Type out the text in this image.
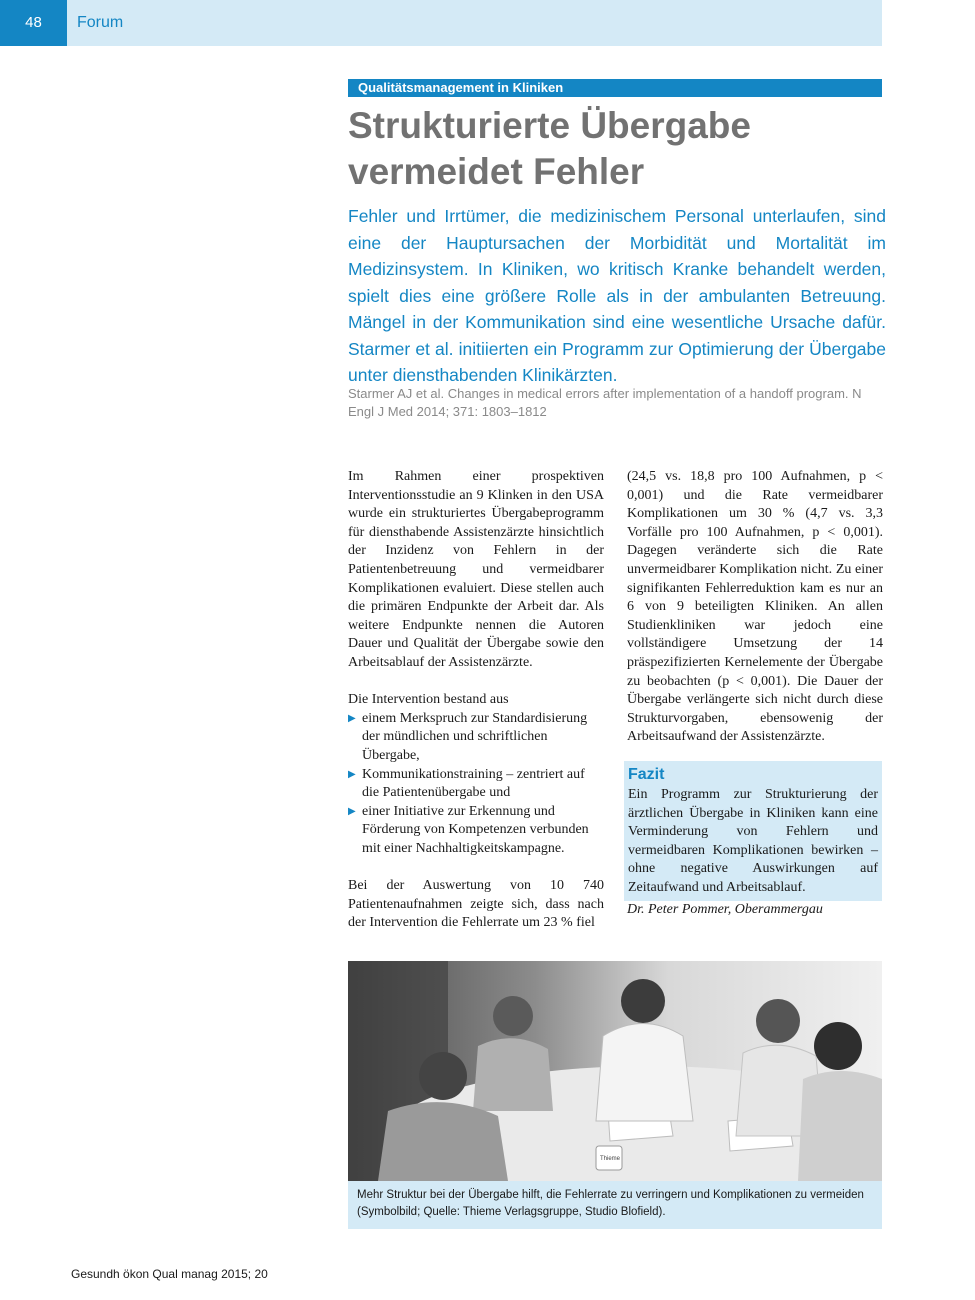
48	Forum
Qualitätsmanagement in Kliniken
Strukturierte Übergabe vermeidet Fehler

Fehler und Irrtümer, die medizinischem Personal unterlaufen, sind eine der Hauptursachen der Morbidität und Mortalität im Medizinsystem. In Kliniken, wo kritisch Kranke behandelt werden, spielt dies eine größere Rolle als in der ambulanten Betreuung. Mängel in der Kommunikation sind eine wesentliche Ursache dafür. Starmer et al. initiierten ein Programm zur Optimierung der Übergabe unter diensthabenden Klinikärzten.

Starmer AJ et al. Changes in medical errors after implementation of a handoff program. N Engl J Med 2014; 371: 1803–1812

Im Rahmen einer prospektiven Interventionsstudie an 9 Klinken in den USA wurde ein strukturiertes Übergabeprogramm für diensthabende Assistenzärzte hinsichtlich der Inzidenz von Fehlern in der Patientenbetreuung und vermeidbarer Komplikationen evaluiert. Diese stellen auch die primären Endpunkte der Arbeit dar. Als weitere Endpunkte nennen die Autoren Dauer und Qualität der Übergabe sowie den Arbeitsablauf der Assistenzärzte.

Die Intervention bestand aus

▶ einem Merkspruch zur Standardisierung der mündlichen und schriftlichen Übergabe,
▶ Kommunikationstraining – zentriert auf die Patientenübergabe und
▶ einer Initiative zur Erkennung und Förderung von Kompetenzen verbunden mit einer Nachhaltigkeitskampagne.

Bei der Auswertung von 10 740 Patientenaufnahmen zeigte sich, dass nach der Intervention die Fehlerrate um 23 % fiel

(24,5 vs. 18,8 pro 100 Aufnahmen, p < 0,001) und die Rate vermeidbarer Komplikationen um 30 % (4,7 vs. 3,3 Vorfälle pro 100 Aufnahmen, p < 0,001). Dagegen veränderte sich die Rate unvermeidbarer Komplikation nicht. Zu einer signifikanten Fehlerreduktion kam es nur an 6 von 9 beteiligten Kliniken. An allen Studienkliniken war jedoch eine vollständigere Umsetzung der 14 präspezifizierten Kernelemente der Übergabe zu beobachten (p < 0,001). Die Dauer der Übergabe verlängerte sich nicht durch diese Strukturvorgaben, ebensowenig der Arbeitsaufwand der Assistenzärzte.

Fazit

Ein Programm zur Strukturierung der ärztlichen Übergabe in Kliniken kann eine Verminderung von Fehlern und vermeidbaren Komplikationen bewirken – ohne negative Auswirkungen auf Zeitaufwand und Arbeitsablauf.

Dr. Peter Pommer, Oberammergau

Thieme
Mehr Struktur bei der Übergabe hilft, die Fehlerrate zu verringern und Komplikationen zu vermeiden (Symbolbild; Quelle: Thieme Verlagsgruppe, Studio Blofield).
Gesundh ökon Qual manag 2015; 20
